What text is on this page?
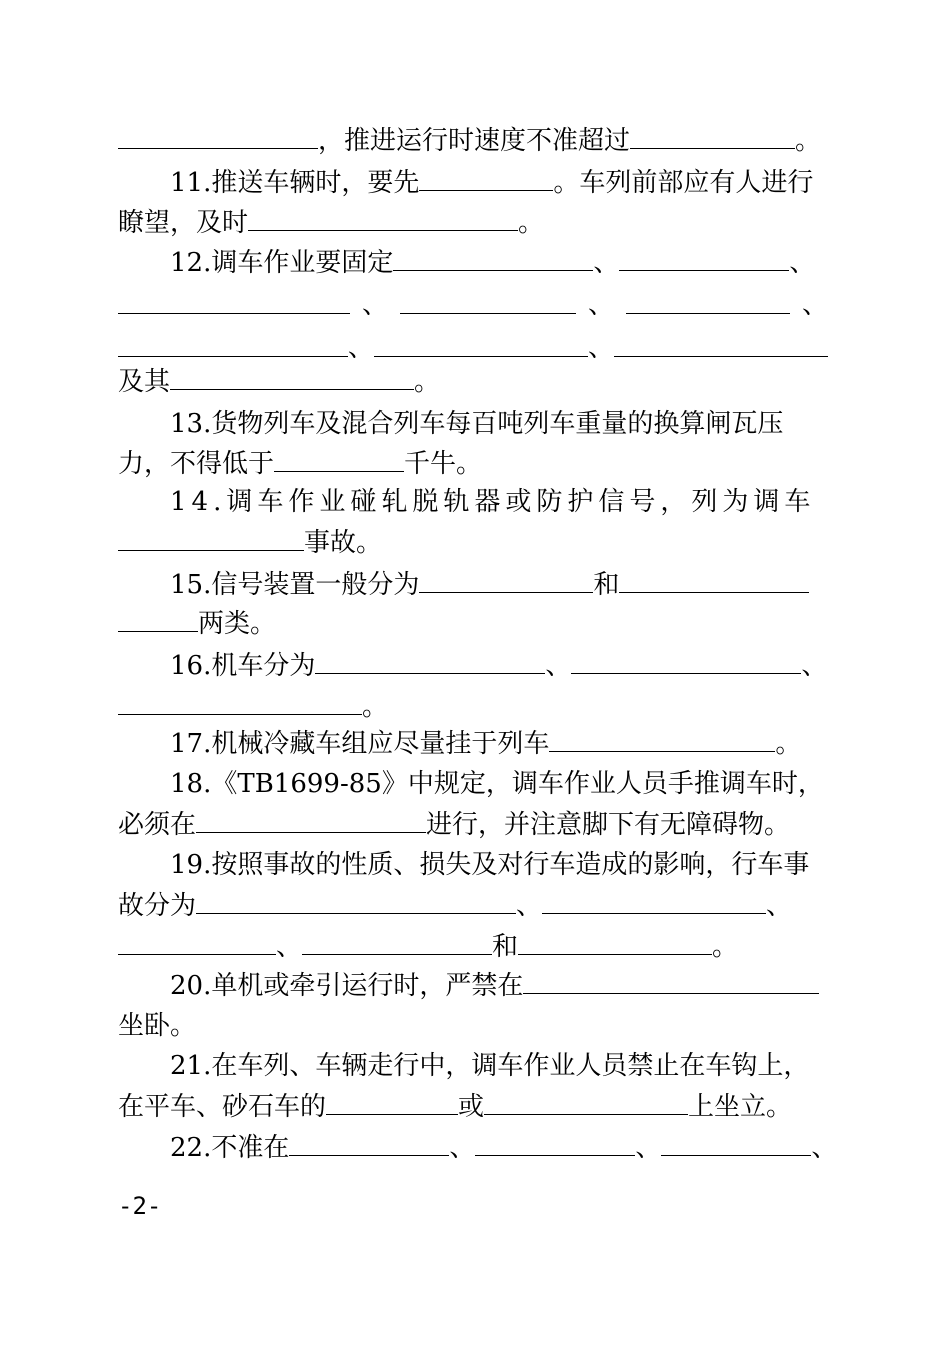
，推进运行时速度不准超过	。
11.推送车辆时，要先	。车列前部应有人进行
瞭望，及时	。
12.调车作业要固定	、	、
、	、	、
、	、
及其	。
13.货物列车及混合列车每百吨列车重量的换算闸瓦压
力，不得低于	千牛。
14.调车作业碰轧脱轨器或防护信号，列为调车
事故。
15.信号装置一般分为	和
两类。
16.机车分为	、	、
。
17.机械冷藏车组应尽量挂于列车	。
18.《TB1699-85》中规定，调车作业人员手推调车时，
必须在	进行，并注意脚下有无障碍物。
19.按照事故的性质、损失及对行车造成的影响，行车事
故分为	、	、
、	和	。
20.单机或牵引运行时，严禁在
坐卧。
21.在车列、车辆走行中，调车作业人员禁止在车钩上，
在平车、砂石车的	或	上坐立。
22.不准在	、	、	、
-2-
